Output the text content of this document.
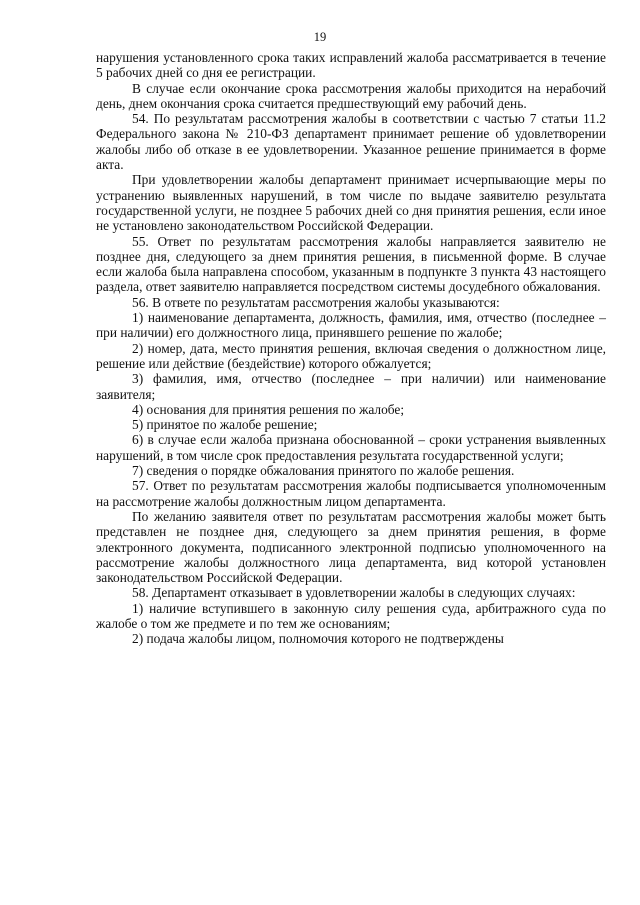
19

нарушения установленного срока таких исправлений жалоба рассматривается в течение 5 рабочих дней со дня ее регистрации.

В случае если окончание срока рассмотрения жалобы приходится на нерабочий день, днем окончания срока считается предшествующий ему рабочий день.

54. По результатам рассмотрения жалобы в соответствии с частью 7 статьи 11.2 Федерального закона № 210-ФЗ департамент принимает решение об удовлетворении жалобы либо об отказе в ее удовлетворении. Указанное решение принимается в форме акта.

При удовлетворении жалобы департамент принимает исчерпывающие меры по устранению выявленных нарушений, в том числе по выдаче заявителю результата государственной услуги, не позднее 5 рабочих дней со дня принятия решения, если иное не установлено законодательством Российской Федерации.

55. Ответ по результатам рассмотрения жалобы направляется заявителю не позднее дня, следующего за днем принятия решения, в письменной форме. В случае если жалоба была направлена способом, указанным в подпункте 3 пункта 43 настоящего раздела, ответ заявителю направляется посредством системы досудебного обжалования.

56. В ответе по результатам рассмотрения жалобы указываются:

1) наименование департамента, должность, фамилия, имя, отчество (последнее – при наличии) его должностного лица, принявшего решение по жалобе;

2) номер, дата, место принятия решения, включая сведения о должностном лице, решение или действие (бездействие) которого обжалуется;

3) фамилия, имя, отчество (последнее – при наличии) или наименование заявителя;

4) основания для принятия решения по жалобе;

5) принятое по жалобе решение;

6) в случае если жалоба признана обоснованной – сроки устранения выявленных нарушений, в том числе срок предоставления результата государственной услуги;

7) сведения о порядке обжалования принятого по жалобе решения.

57. Ответ по результатам рассмотрения жалобы подписывается уполномоченным на рассмотрение жалобы должностным лицом департамента.

По желанию заявителя ответ по результатам рассмотрения жалобы может быть представлен не позднее дня, следующего за днем принятия решения, в форме электронного документа, подписанного электронной подписью уполномоченного на рассмотрение жалобы должностного лица департамента, вид которой установлен законодательством Российской Федерации.

58. Департамент отказывает в удовлетворении жалобы в следующих случаях:

1) наличие вступившего в законную силу решения суда, арбитражного суда по жалобе о том же предмете и по тем же основаниям;

2) подача жалобы лицом, полномочия которого не подтверждены
